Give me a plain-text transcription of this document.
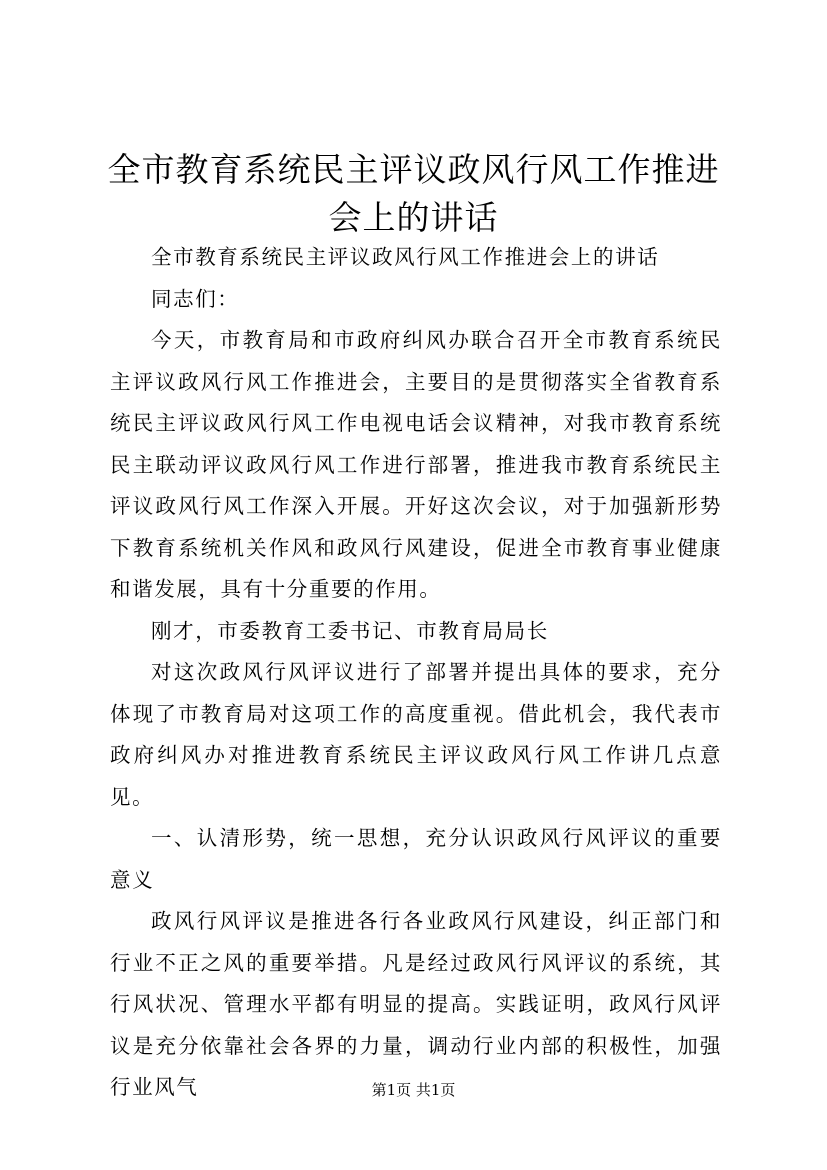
全市教育系统民主评议政风行风工作推进会上的讲话

全市教育系统民主评议政风行风工作推进会上的讲话

同志们：

今天，市教育局和市政府纠风办联合召开全市教育系统民主评议政风行风工作推进会，主要目的是贯彻落实全省教育系统民主评议政风行风工作电视电话会议精神，对我市教育系统民主联动评议政风行风工作进行部署，推进我市教育系统民主评议政风行风工作深入开展。开好这次会议，对于加强新形势下教育系统机关作风和政风行风建设，促进全市教育事业健康和谐发展，具有十分重要的作用。

刚才，市委教育工委书记、市教育局局长

对这次政风行风评议进行了部署并提出具体的要求，充分体现了市教育局对这项工作的高度重视。借此机会，我代表市政府纠风办对推进教育系统民主评议政风行风工作讲几点意见。

一、认清形势，统一思想，充分认识政风行风评议的重要意义

政风行风评议是推进各行各业政风行风建设，纠正部门和行业不正之风的重要举措。凡是经过政风行风评议的系统，其行风状况、管理水平都有明显的提高。实践证明，政风行风评议是充分依靠社会各界的力量，调动行业内部的积极性，加强行业风气	第1页 共1页
